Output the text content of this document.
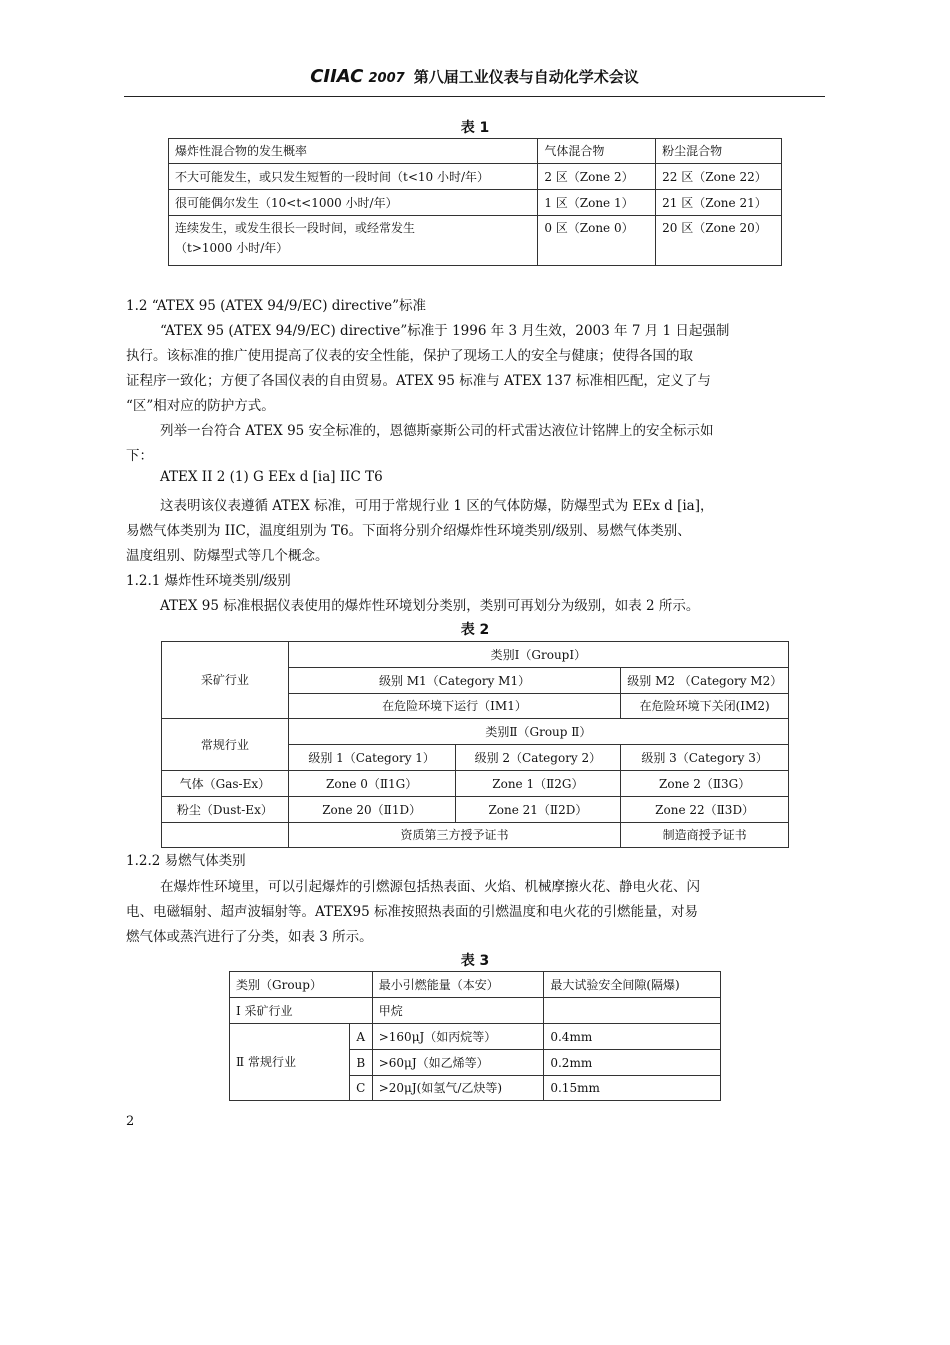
CIIAC 2007 第八届工业仪表与自动化学术会议
表 1
爆炸性混合物的发生概率	气体混合物	粉尘混合物
不大可能发生，或只发生短暂的一段时间（t<10 小时/年）	2 区（Zone 2）	22 区（Zone 22）
很可能偶尔发生（10<t<1000 小时/年）	1 区（Zone 1）	21 区（Zone 21）

连续发生，或发生很长一段时间，或经常发生
（t>1000 小时/年）	0 区（Zone 0）	20 区（Zone 20）
1.2 “ATEX 95 (ATEX 94/9/EC) directive”标准
“ATEX 95 (ATEX 94/9/EC) directive”标准于 1996 年 3 月生效，2003 年 7 月 1 日起强制
执行。该标准的推广使用提高了仪表的安全性能，保护了现场工人的安全与健康；使得各国的取
证程序一致化；方便了各国仪表的自由贸易。ATEX 95 标准与 ATEX 137 标准相匹配，定义了与
“区”相对应的防护方式。
列举一台符合 ATEX 95 安全标准的，恩德斯豪斯公司的杆式雷达液位计铭牌上的安全标示如
下：
ATEX II 2 (1) G EEx d [ia] IIC T6
这表明该仪表遵循 ATEX 标准，可用于常规行业 1 区的气体防爆，防爆型式为 EEx d [ia]，
易燃气体类别为 IIC，温度组别为 T6。下面将分别介绍爆炸性环境类别/级别、易燃气体类别、
温度组别、防爆型式等几个概念。
1.2.1 爆炸性环境类别/级别
ATEX 95 标准根据仪表使用的爆炸性环境划分类别，类别可再划分为级别，如表 2 所示。
表 2
采矿行业	类别Ⅰ（GroupⅠ）		
	级别 M1（Category M1）		级别 M2 （Category M2）
	在危险环境下运行（IM1）		在危险环境下关闭(IM2)
常规行业	类别Ⅱ（Group Ⅱ）		
	级别 1（Category 1）	级别 2（Category 2）	级别 3（Category 3）
气体（Gas-Ex）	Zone 0（Ⅱ1G）	Zone 1（Ⅱ2G）	Zone 2（Ⅱ3G）
粉尘（Dust-Ex）	Zone 20（Ⅱ1D）	Zone 21（Ⅱ2D）	Zone 22（Ⅱ3D）
	资质第三方授予证书		制造商授予证书
1.2.2 易燃气体类别
在爆炸性环境里，可以引起爆炸的引燃源包括热表面、火焰、机械摩擦火花、静电火花、闪
电、电磁辐射、超声波辐射等。ATEX95 标准按照热表面的引燃温度和电火花的引燃能量，对易
燃气体或蒸汽进行了分类，如表 3 所示。
表 3
类别（Group）		最小引燃能量（本安）	最大试验安全间隙(隔爆)
Ⅰ 采矿行业		甲烷	
Ⅱ 常规行业	A	>160μJ（如丙烷等）	0.4mm
	B	>60μJ（如乙烯等）	0.2mm
	C	>20μJ(如氢气/乙炔等)	0.15mm
2
